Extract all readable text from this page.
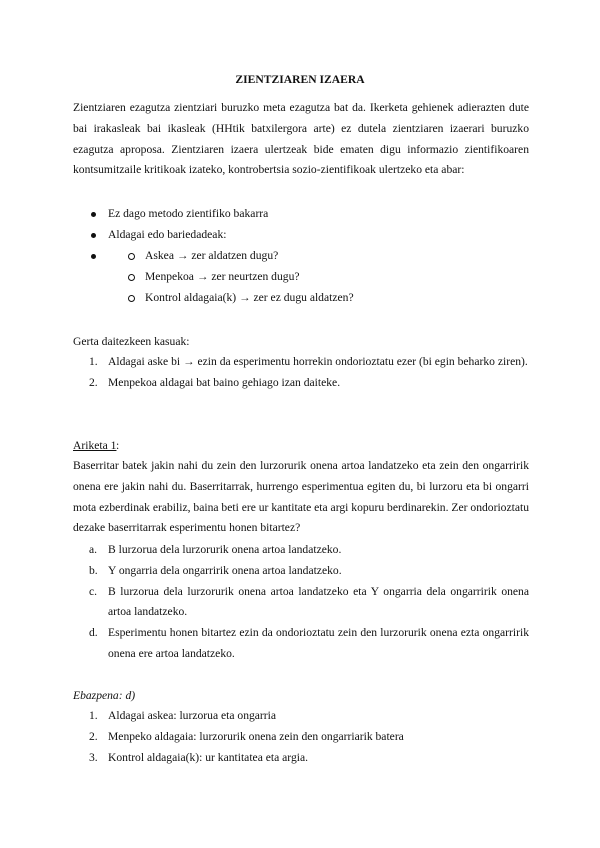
ZIENTZIAREN IZAERA
Zientziaren ezagutza zientziari buruzko meta ezagutza bat da. Ikerketa gehienek adierazten dute bai irakasleak bai ikasleak (HHtik batxilergora arte) ez dutela zientziaren izaerari buruzko ezagutza aproposa. Zientziaren izaera ulertzeak bide ematen digu informazio zientifikoaren kontsumitzaile kritikoak izateko, kontrobertsia sozio-zientifikoak ulertzeko eta abar:
Ez dago metodo zientifiko bakarra
Aldagai edo bariedadeak:
Askea → zer aldatzen dugu?
Menpekoa → zer neurtzen dugu?
Kontrol aldagaia(k) → zer ez dugu aldatzen?
Gerta daitezkeen kasuak:
1. Aldagai aske bi → ezin da esperimentu horrekin ondorioztatu ezer (bi egin beharko ziren).
2. Menpekoa aldagai bat baino gehiago izan daiteke.
Ariketa 1 :
Baserritar batek jakin nahi du zein den lurzorurik onena artoa landatzeko eta zein den ongarririk onena ere jakin nahi du. Baserritarrak, hurrengo esperimentua egiten du, bi lurzoru eta bi ongarri mota ezberdinak erabiliz, baina beti ere ur kantitate eta argi kopuru berdinarekin. Zer ondorioztatu dezake baserritarrak esperimentu honen bitartez?
a. B lurzorua dela lurzorurik onena artoa landatzeko.
b. Y ongarria dela ongarririk onena artoa landatzeko.
c. B lurzorua dela lurzorurik onena artoa landatzeko eta Y ongarria dela ongarririk onena artoa landatzeko.
d. Esperimentu honen bitartez ezin da ondorioztatu zein den lurzorurik onena ezta ongarririk onena ere artoa landatzeko.
Ebazpena: d)
1. Aldagai askea: lurzorua eta ongarria
2. Menpeko aldagaia: lurzorurik onena zein den ongarriarik batera
3. Kontrol aldagaia(k): ur kantitatea eta argia.
